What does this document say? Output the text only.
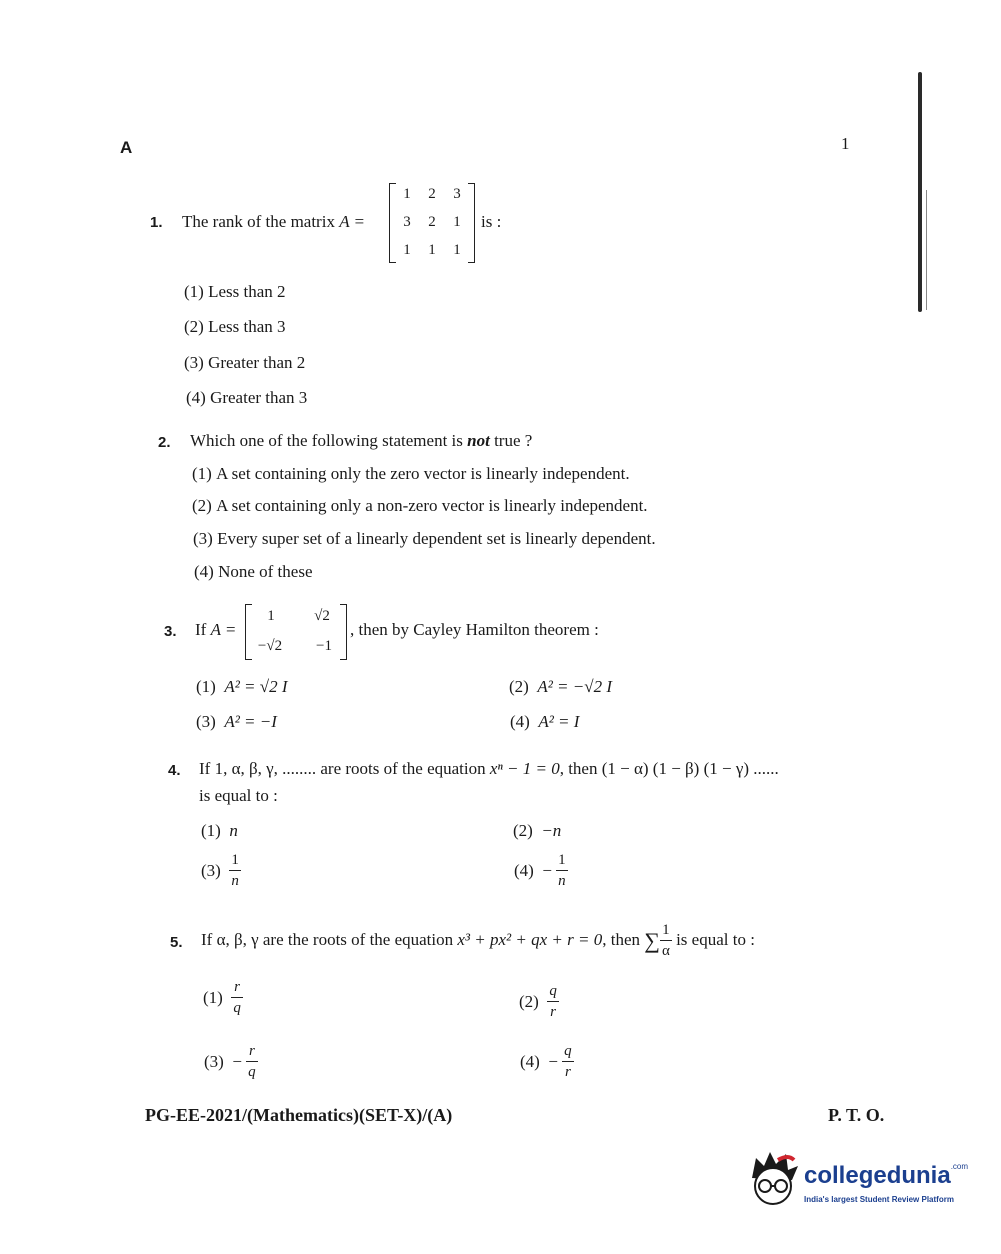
A	1
1. The rank of the matrix A =
1	2	3
3	2	1
1	1	1
is :
(1) Less than 2
(2) Less than 3
(3) Greater than 2
(4) Greater than 3
2. Which one of the following statement is not true ?
(1) A set containing only the zero vector is linearly independent.
(2) A set containing only a non-zero vector is linearly independent.
(3) Every super set of a linearly dependent set is linearly dependent.
(4) None of these
3. If A =
1	√2
−√2	−1
, then by Cayley Hamilton theorem :
(1) A² = √2 I	(2) A² = −√2 I
(3) A² = −I	(4) A² = I
4. If 1, α, β, γ, ........ are roots of the equation xⁿ − 1 = 0, then (1 − α) (1 − β) (1 − γ) ......
is equal to :
(1) n	(2) −n
$(3) \frac{1}{n}$	$(4) - \frac{1}{n}$
5. If α, β, γ are the roots of the equation x³ + px² + qx + r = 0, then ∑ $\frac{1}{\alpha}$ is equal to :
$(1) \frac{r}{q}$	$(2) \frac{q}{r}$
$(3) - \frac{r}{q}$	$(4) - \frac{q}{r}$
PG-EE-2021/(Mathematics)(SET-X)/(A)	P. T. O.
collegedunia$^{.com}$
India's largest Student Review Platform
